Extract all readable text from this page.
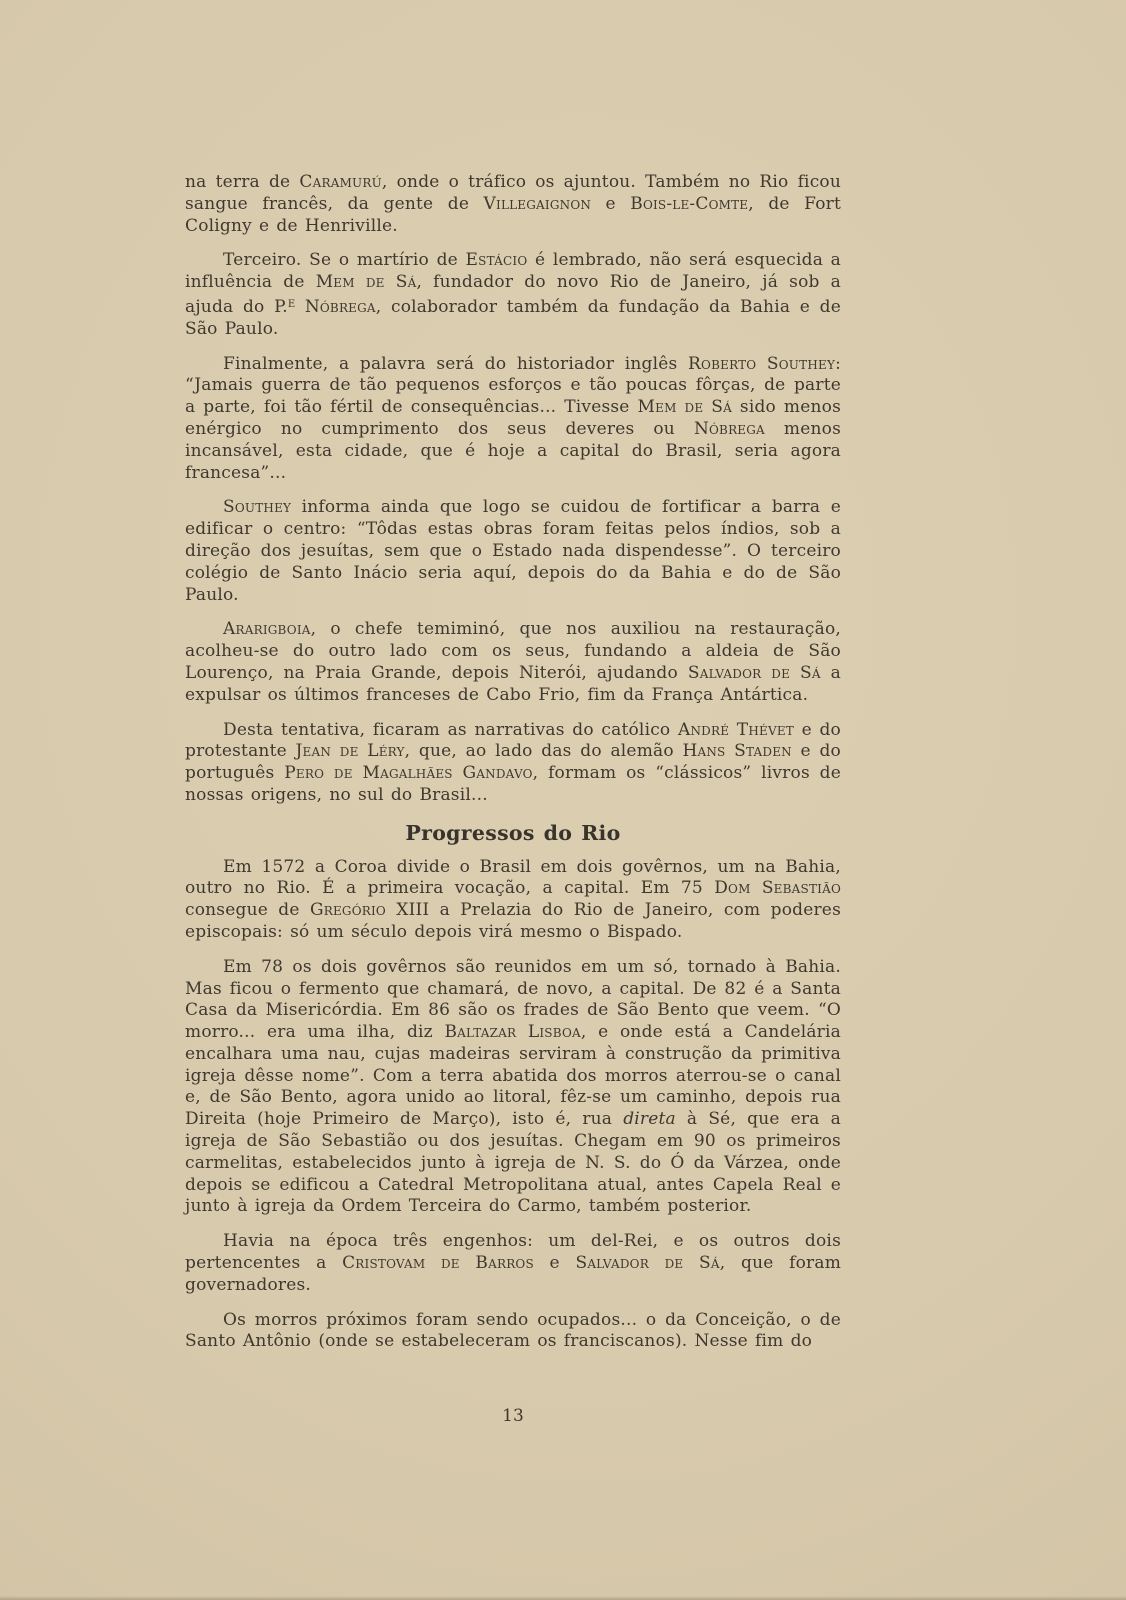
na terra de Caramurú, onde o tráfico os ajuntou. Também no Rio ficou sangue francês, da gente de Villegaignon e Bois-le-Comte, de Fort Coligny e de Henriville.

Terceiro. Se o martírio de Estácio é lembrado, não será esquecida a influência de Mem de Sá, fundador do novo Rio de Janeiro, já sob a ajuda do P.$^E$ Nóbrega, colaborador também da fundação da Bahia e de São Paulo.

Finalmente, a palavra será do historiador inglês Roberto Southey: “Jamais guerra de tão pequenos esforços e tão poucas fôrças, de parte a parte, foi tão fértil de consequências... Tivesse Mem de Sá sido menos enérgico no cumprimento dos seus deveres ou Nóbrega menos incansável, esta cidade, que é hoje a capital do Brasil, seria agora francesa”...

Southey informa ainda que logo se cuidou de fortificar a barra e edificar o centro: “Tôdas estas obras foram feitas pelos índios, sob a direção dos jesuítas, sem que o Estado nada dispendesse”. O terceiro colégio de Santo Inácio seria aquí, depois do da Bahia e do de São Paulo.

Ararigboia, o chefe temiminó, que nos auxiliou na restauração, acolheu-se do outro lado com os seus, fundando a aldeia de São Lourenço, na Praia Grande, depois Niterói, ajudando Salvador de Sá a expulsar os últimos franceses de Cabo Frio, fim da França Antártica.

Desta tentativa, ficaram as narrativas do católico André Thévet e do protestante Jean de Léry, que, ao lado das do alemão Hans Staden e do português Pero de Magalhães Gandavo, formam os “clássicos” livros de nossas origens, no sul do Brasil...

Progressos do Rio

Em 1572 a Coroa divide o Brasil em dois govêrnos, um na Bahia, outro no Rio. É a primeira vocação, a capital. Em 75 Dom Sebastião consegue de Gregório XIII a Prelazia do Rio de Janeiro, com poderes episcopais: só um século depois virá mesmo o Bispado.

Em 78 os dois govêrnos são reunidos em um só, tornado à Bahia. Mas ficou o fermento que chamará, de novo, a capital. De 82 é a Santa Casa da Misericórdia. Em 86 são os frades de São Bento que veem. “O morro... era uma ilha, diz Baltazar Lisboa, e onde está a Candelária encalhara uma nau, cujas madeiras serviram à construção da primitiva igreja dêsse nome”. Com a terra abatida dos morros aterrou-se o canal e, de São Bento, agora unido ao litoral, fêz-se um caminho, depois rua Direita (hoje Primeiro de Março), isto é, rua direta à Sé, que era a igreja de São Sebastião ou dos jesuítas. Chegam em 90 os primeiros carmelitas, estabelecidos junto à igreja de N. S. do Ó da Várzea, onde depois se edificou a Catedral Metropolitana atual, antes Capela Real e junto à igreja da Ordem Terceira do Carmo, também posterior.

Havia na época três engenhos: um del-Rei, e os outros dois pertencentes a Cristovam de Barros e Salvador de Sá, que foram governadores.

Os morros próximos foram sendo ocupados... o da Conceição, o de Santo Antônio (onde se estabeleceram os franciscanos). Nesse fim do

13
